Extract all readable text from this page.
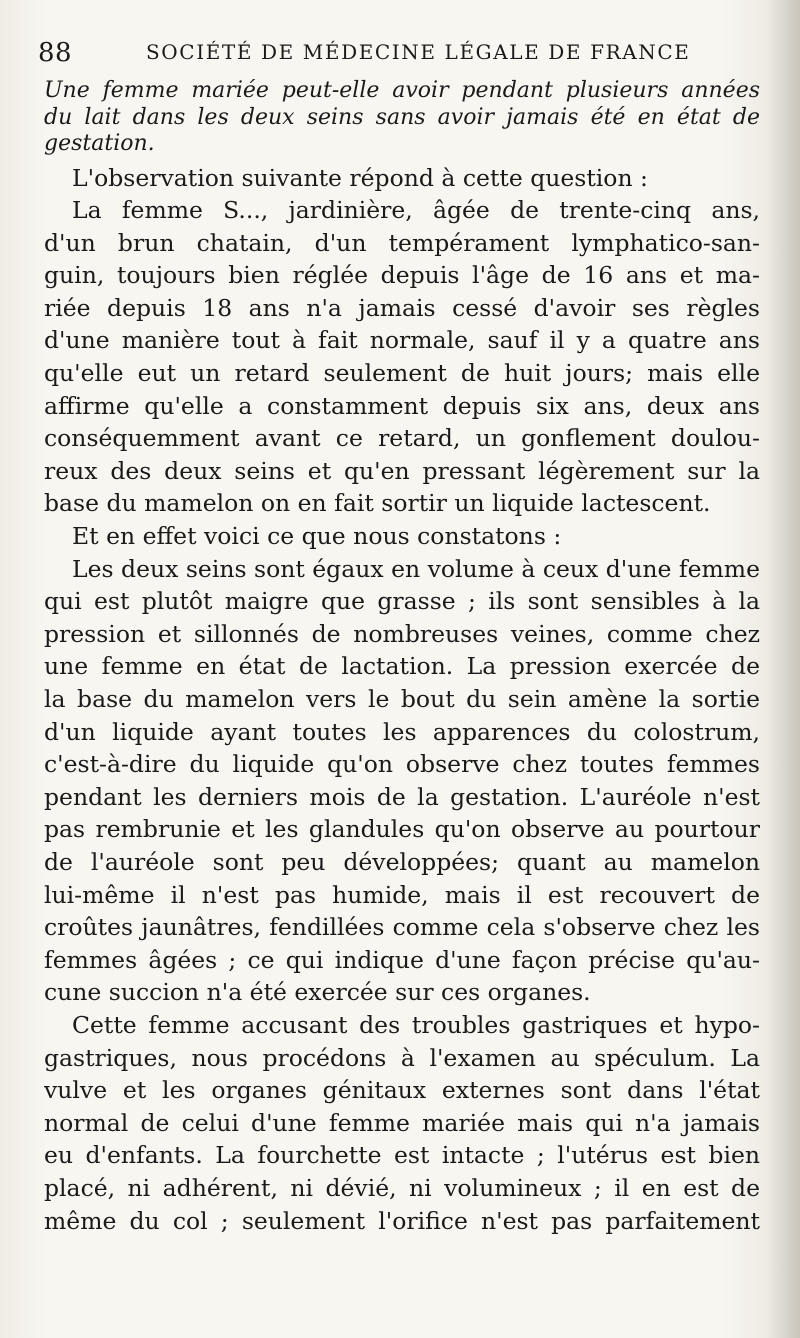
88	SOCIÉTÉ DE MÉDECINE LÉGALE DE FRANCE
Une femme mariée peut-elle avoir pendant plusieurs années
du lait dans les deux seins sans avoir jamais été en état de
gestation.
L'observation suivante répond à cette question :
La femme S..., jardinière, âgée de trente-cinq ans,
d'un brun chatain, d'un tempérament lymphatico-san-
guin, toujours bien réglée depuis l'âge de 16 ans et ma-
riée depuis 18 ans n'a jamais cessé d'avoir ses règles
d'une manière tout à fait normale, sauf il y a quatre ans
qu'elle eut un retard seulement de huit jours; mais elle
affirme qu'elle a constamment depuis six ans, deux ans
conséquemment avant ce retard, un gonflement doulou-
reux des deux seins et qu'en pressant légèrement sur la
base du mamelon on en fait sortir un liquide lactescent.
Et en effet voici ce que nous constatons :
Les deux seins sont égaux en volume à ceux d'une femme
qui est plutôt maigre que grasse ; ils sont sensibles à la
pression et sillonnés de nombreuses veines, comme chez
une femme en état de lactation. La pression exercée de
la base du mamelon vers le bout du sein amène la sortie
d'un liquide ayant toutes les apparences du colostrum,
c'est-à-dire du liquide qu'on observe chez toutes femmes
pendant les derniers mois de la gestation. L'auréole n'est
pas rembrunie et les glandules qu'on observe au pourtour
de l'auréole sont peu développées; quant au mamelon
lui-même il n'est pas humide, mais il est recouvert de
croûtes jaunâtres, fendillées comme cela s'observe chez les
femmes âgées ; ce qui indique d'une façon précise qu'au-
cune succion n'a été exercée sur ces organes.
Cette femme accusant des troubles gastriques et hypo-
gastriques, nous procédons à l'examen au spéculum. La
vulve et les organes génitaux externes sont dans l'état
normal de celui d'une femme mariée mais qui n'a jamais
eu d'enfants. La fourchette est intacte ; l'utérus est bien
placé, ni adhérent, ni dévié, ni volumineux ; il en est de
même du col ; seulement l'orifice n'est pas parfaitement
